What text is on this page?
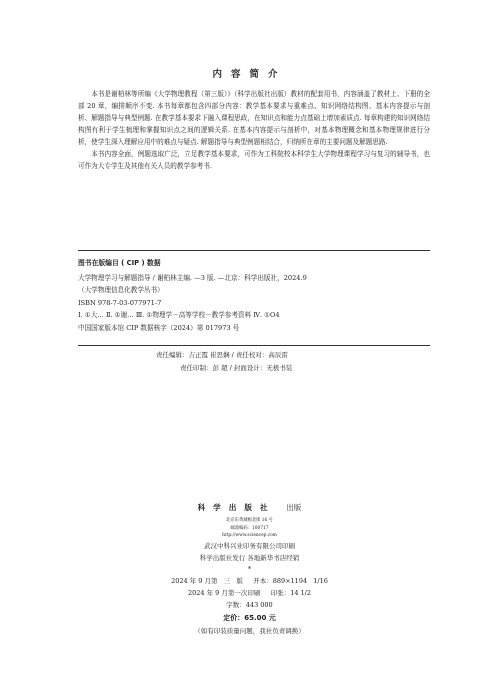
内容简介

本书是谢柏林等所编《大学物理教程（第三版）》（科学出版社出版）教材的配套用书，内容涵盖了教材上、下册的全部 20 章，编排顺序不变. 本书每章都包含四部分内容：教学基本要求与重难点、知识网络结构图、基本内容提示与剖析、解题指导与典型例题. 在教学基本要求下融入课程思政，在知识点和能力点基础上增加素质点. 每章构建的知识网络结构图有利于学生梳理和掌握知识点之间的逻辑关系. 在基本内容提示与剖析中，对基本物理概念和基本物理规律进行分析，使学生深入理解应用中的难点与疑点. 解题指导与典型例题相结合，归纳所在章的主要问题及解题思路.

本书内容全面，例题选取广泛，立足教学基本要求，可作为工科院校本科学生大学物理课程学习与复习的辅导书，也可作为大专学生及其他有关人员的教学参考书.

图书在版编目 ( CIP ) 数据
大学物理学习与解题指导 / 谢柏林主编. —3 版. —北京：科学出版社，2024.9
（大学物理信息化教学丛书）
ISBN 978-7-03-077971-7
Ⅰ. ①大… Ⅱ. ①谢… Ⅲ. ①物理学－高等学校－教学参考资料 Ⅳ. ①O4
中国国家版本馆 CIP 数据核字（2024）第 017973 号
责任编辑：吉正霞 崔思娴 / 责任校对：高辰雷
责任印制：彭 超 / 封面设计：无极书装
科学出版社 出版
北京东黄城根北街 16 号
邮政编码：100717
http://www.sciencep.com
武汉中科兴业印务有限公司印刷
科学出版社发行 各地新华书店经销
*
2024 年 9 月第   三   版     开本：889×1194   1/16
2024 年 9 月第一次印刷     印张：14 1/2
字数：443 000
定价：65.00 元
（如有印装质量问题，我社负责调换）
